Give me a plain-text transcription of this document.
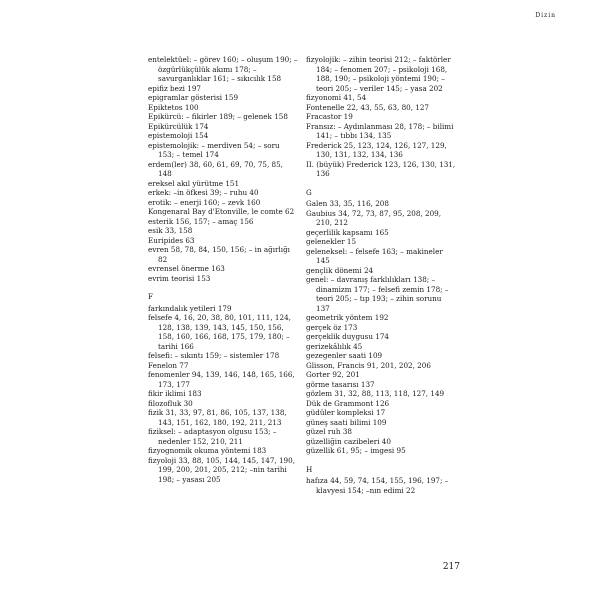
Dizin
entelektüel: – görev 160; – oluşum 190; – özgürlükçülük akımı 178; – savurganlıklar 161; – sıkıcılık 158
epifiz bezi 197
epigramlar gösterisi 159
Epiktetos 100
Epikürcü: – fikirler 189; – gelenek 158
Epikürcülük 174
epistemoloji 154
epistemolojik: – merdiven 54; – soru 153; – temel 174
erdem(ler) 38, 60, 61, 69, 70, 75, 85, 148
ereksel akıl yürütme 151
erkek: –in öfkesi 39; – ruhu 40
erotik: – enerji 160; – zevk 160
Kongenaral Bay d'Etonville, le comte 62
esterik 156, 157; – amaç 156
esik 33, 158
Euripides 63
evren 58, 78, 84, 150, 156; – in ağırlığı 82
evrensel önerme 163
evrim teorisi 153
F
farkındalık yetileri 179
felsefe 4, 16, 20, 38, 80, 101, 111, 124, 128, 138, 139, 143, 145, 150, 156, 158, 160, 166, 168, 175, 179, 180; – tarihi 166
felsefi: – sıkıntı 159; – sistemler 178
Fenelon 77
fenomenler 94, 139, 146, 148, 165, 166, 173, 177
fikir iklimi 183
filozofluk 30
fizik 31, 33, 97, 81, 86, 105, 137, 138, 143, 151, 162, 180, 192, 211, 213
fiziksel: – adaptasyon olgusu 153; – nedenler 152, 210, 211
fizyognomik okuma yöntemi 183
fizyoloji 33, 88, 105, 144, 145, 147, 190, 199, 200, 201, 205, 212; –nin tarihi 198; – yasası 205
fizyolojik: – zihin teorisi 212; – faktörler 184; – fenomen 207; – psikoloji 168, 188, 190; – psikoloji yöntemi 190; – teori 205; – veriler 145; – yasa 202
fizyonomi 41, 54
Fontenelle 22, 43, 55, 63, 80, 127
Fracastor 19
Fransız: – Aydınlanması 28, 178; – bilimi 141; – tıbbı 134, 135
Frederick 25, 123, 124, 126, 127, 129, 130, 131, 132, 134, 136
II. (büyük) Frederick 123, 126, 130, 131, 136
G
Galen 33, 35, 116, 208
Gaubius 34, 72, 73, 87, 95, 208, 209, 210, 212
geçerlilik kapsamı 165
gelenekler 15
geleneksel: – felsefe 163; – makineler 145
gençlik dönemi 24
genel: – davranış farklılıkları 138; – dinamizm 177; – felsefi zemin 178; – teori 205; – tıp 193; – zihin sorunu 137
geometrik yöntem 192
gerçek öz 173
gerçeklik duygusu 174
gerizekâlılık 45
gezegenler saati 109
Glisson, Francis 91, 201, 202, 206
Gorter 92, 201
görme tasarısı 137
gözlem 31, 32, 88, 113, 118, 127, 149
Dük de Grammont 126
güdüler kompleksi 17
güneş saati bilimi 109
güzel ruh 38
güzelliğin cazibeleri 40
güzellik 61, 95; – imgesi 95
H
hafıza 44, 59, 74, 154, 155, 196, 197; – klavyesi 154; –nın edimi 22
217
